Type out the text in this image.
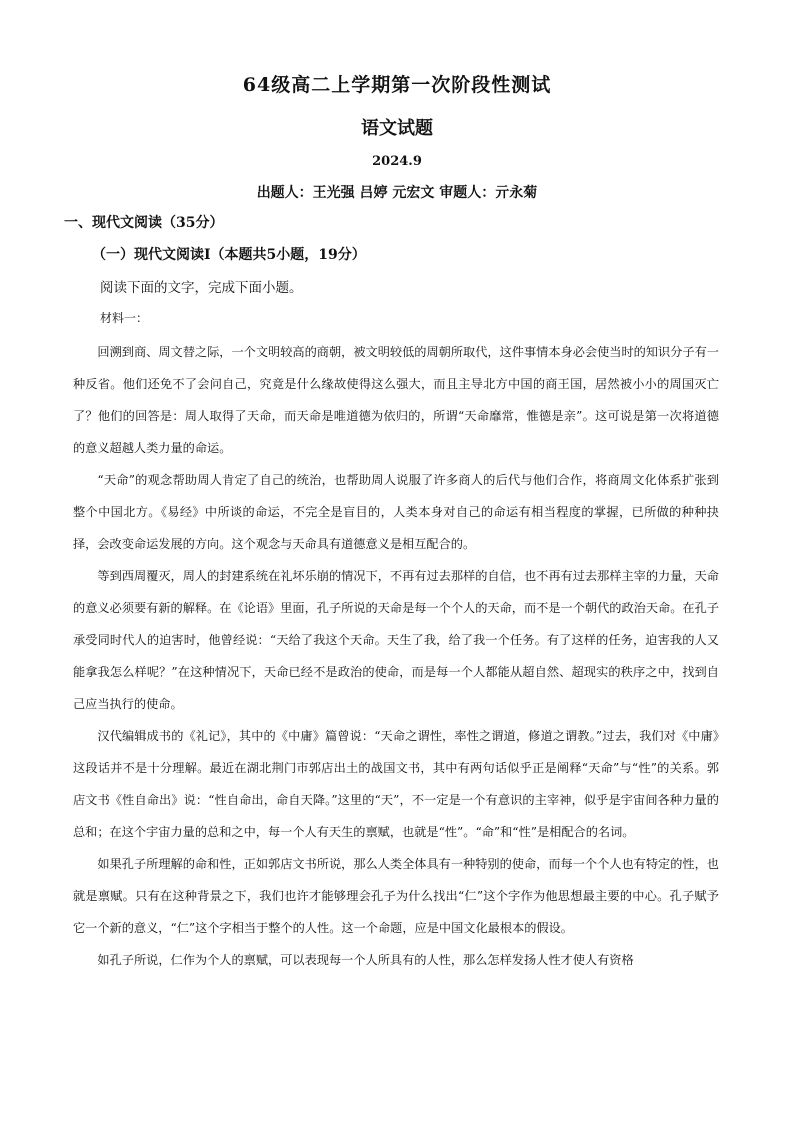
64级高二上学期第一次阶段性测试
语文试题
2024.9
出题人：王光强 吕婷 元宏文 审题人：亓永菊
一、现代文阅读（35分）
（一）现代文阅读Ⅰ（本题共5小题，19分）
阅读下面的文字，完成下面小题。
材料一：

回溯到商、周文替之际，一个文明较高的商朝，被文明较低的周朝所取代，这件事情本身必会使当时的知识分子有一种反省。他们还免不了会问自己，究竟是什么缘故使得这么强大，而且主导北方中国的商王国，居然被小小的周国灭亡了？他们的回答是：周人取得了天命，而天命是唯道德为依归的，所谓“天命靡常，惟德是亲”。这可说是第一次将道德的意义超越人类力量的命运。

“天命”的观念帮助周人肯定了自己的统治，也帮助周人说服了许多商人的后代与他们合作，将商周文化体系扩张到整个中国北方。《易经》中所谈的命运，不完全是盲目的，人类本身对自己的命运有相当程度的掌握，已所做的种种抉择，会改变命运发展的方向。这个观念与天命具有道德意义是相互配合的。

等到西周覆灭，周人的封建系统在礼坏乐崩的情况下，不再有过去那样的自信，也不再有过去那样主宰的力量，天命的意义必须要有新的解释。在《论语》里面，孔子所说的天命是每一个个人的天命，而不是一个朝代的政治天命。在孔子承受同时代人的迫害时，他曾经说：“天给了我这个天命。天生了我，给了我一个任务。有了这样的任务，迫害我的人又能拿我怎么样呢？”在这种情况下，天命已经不是政治的使命，而是每一个人都能从超自然、超现实的秩序之中，找到自己应当执行的使命。

汉代编辑成书的《礼记》，其中的《中庸》篇曾说：“天命之谓性，率性之谓道，修道之谓教。”过去，我们对《中庸》这段话并不是十分理解。最近在湖北荆门市郭店出土的战国文书，其中有两句话似乎正是阐释“天命”与“性”的关系。郭店文书《性自命出》说：“性自命出，命自天降。”这里的“天”，不一定是一个有意识的主宰神，似乎是宇宙间各种力量的总和；在这个宇宙力量的总和之中，每一个人有天生的禀赋，也就是“性”。“命”和“性”是相配合的名词。

如果孔子所理解的命和性，正如郭店文书所说，那么人类全体具有一种特别的使命，而每一个个人也有特定的性，也就是禀赋。只有在这种背景之下，我们也许才能够理会孔子为什么找出“仁”这个字作为他思想最主要的中心。孔子赋予它一个新的意义，“仁”这个字相当于整个的人性。这一个命题，应是中国文化最根本的假设。

如孔子所说，仁作为个人的禀赋，可以表现每一个人所具有的人性，那么怎样发扬人性才使人有资格
